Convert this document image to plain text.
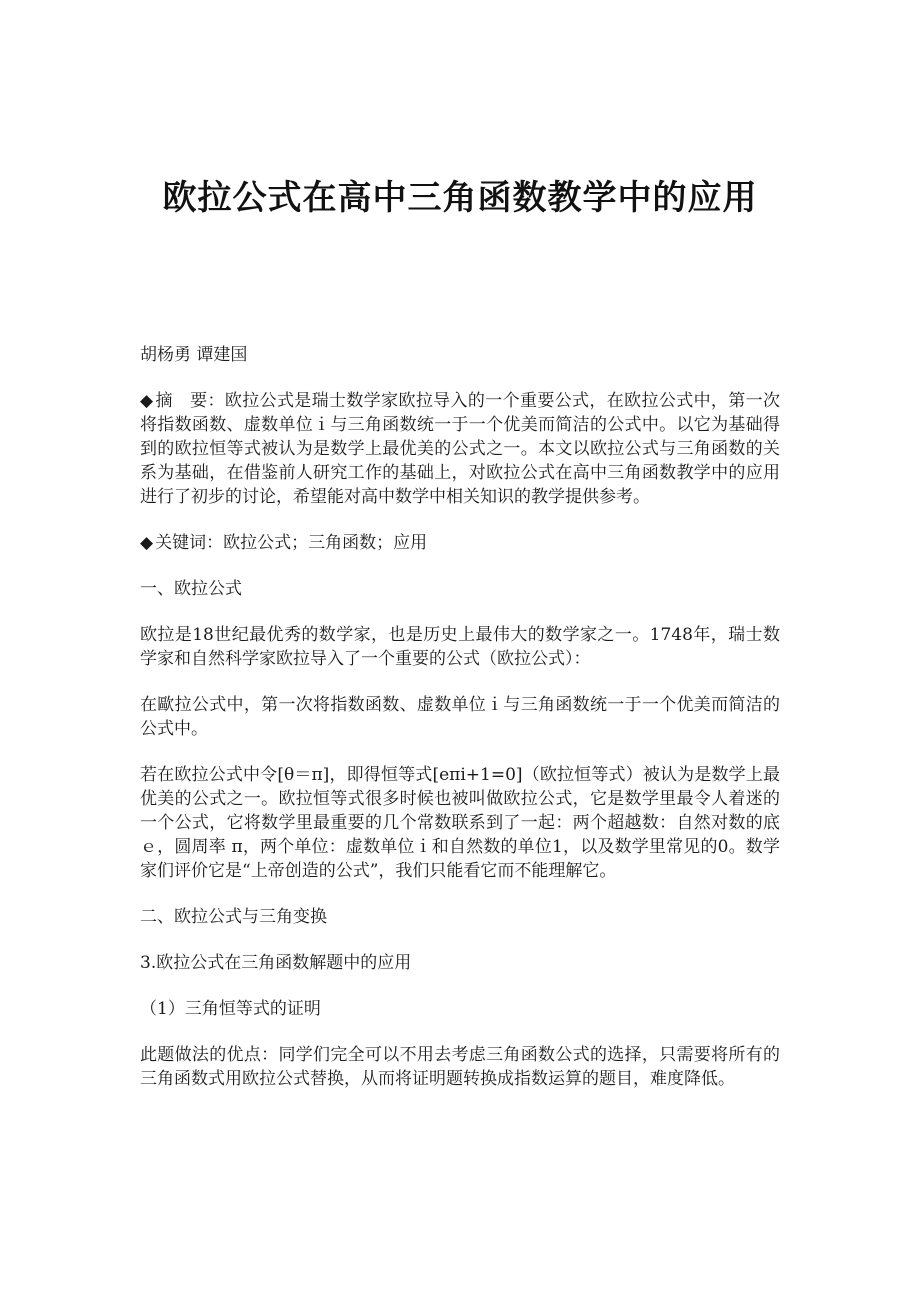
欧拉公式在高中三角函数教学中的应用

胡杨勇 谭建国

◆ 摘　要：欧拉公式是瑞士数学家欧拉导入的一个重要公式，在欧拉公式中，第一次将指数函数、虚数单位ｉ与三角函数统一于一个优美而简洁的公式中。以它为基础得到的欧拉恒等式被认为是数学上最优美的公式之一。本文以欧拉公式与三角函数的关系为基础，在借鉴前人研究工作的基础上，对欧拉公式在高中三角函数教学中的应用进行了初步的讨论，希望能对高中数学中相关知识的教学提供参考。

◆ 关键词：欧拉公式；三角函数；应用

一、欧拉公式

欧拉是18世纪最优秀的数学家，也是历史上最伟大的数学家之一。1748年，瑞士数学家和自然科学家欧拉导入了一个重要的公式（欧拉公式）：

在歐拉公式中，第一次将指数函数、虚数单位ｉ与三角函数统一于一个优美而简洁的公式中。

若在欧拉公式中令[θ＝π]，即得恒等式[eπi+1=0]（欧拉恒等式）被认为是数学上最优美的公式之一。欧拉恒等式很多时候也被叫做欧拉公式，它是数学里最令人着迷的一个公式，它将数学里最重要的几个常数联系到了一起：两个超越数：自然对数的底ｅ，圆周率 π，两个单位：虚数单位ｉ和自然数的单位1，以及数学里常见的0。数学家们评价它是“上帝创造的公式”，我们只能看它而不能理解它。

二、欧拉公式与三角变换

3.欧拉公式在三角函数解题中的应用

（1）三角恒等式的证明

此题做法的优点：同学们完全可以不用去考虑三角函数公式的选择，只需要将所有的三角函数式用欧拉公式替换，从而将证明题转换成指数运算的题目，难度降低。
